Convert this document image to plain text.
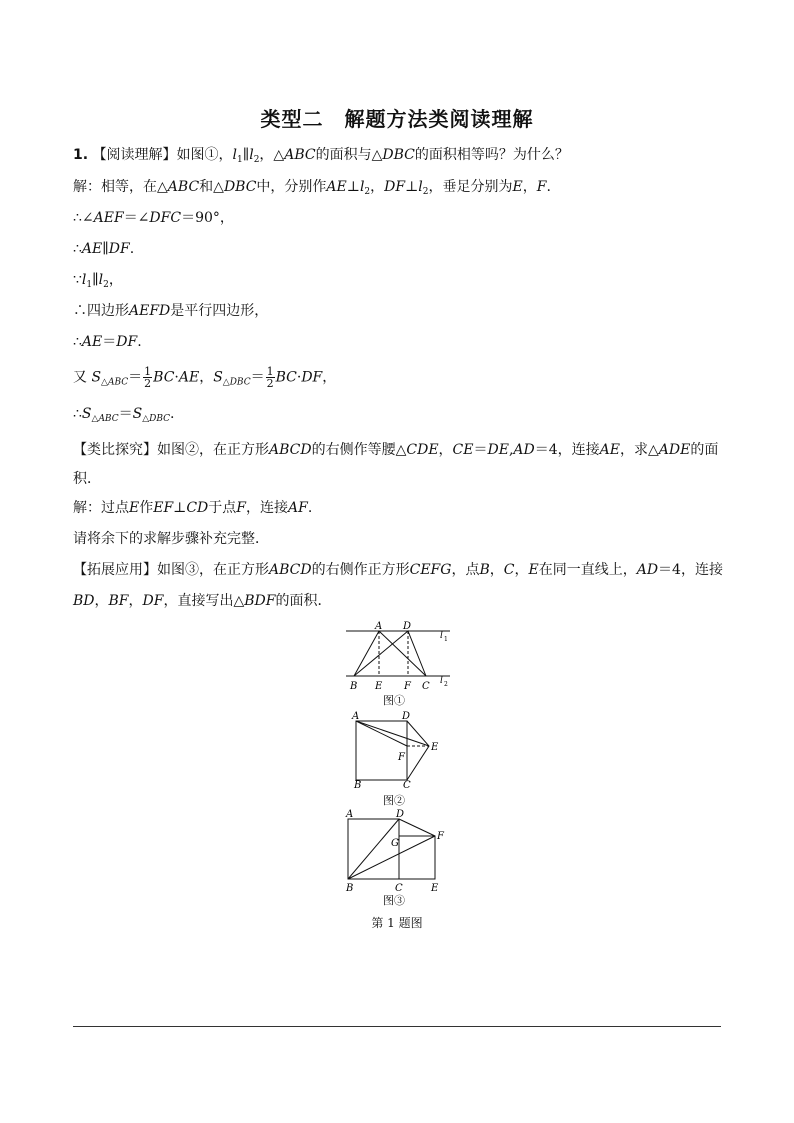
类型二　解题方法类阅读理解
1. 【阅读理解】如图①，$l_1\parallel l_2$，△ABC的面积与△DBC的面积相等吗？为什么？
解：相等，在△ABC和△DBC中，分别作$AE\perp l_2$，$DF\perp l_2$，垂足分别为E，F.
∴∠AEF＝∠DFC＝90°，
∴AE∥DF.
$\because l_1\parallel l_2$，
∴四边形AEFD是平行四边形，
∴AE＝DF.
又 $S_{\triangle ABC}= \frac{1}{2} BC\cdot AE$，$S_{\triangle DBC}= \frac{1}{2} BC\cdot DF$，
$\therefore S_{\triangle ABC}=S_{\triangle DBC}$.
【类比探究】如图②，在正方形ABCD的右侧作等腰△CDE，CE＝DE,AD＝4，连接AE，求△ADE的面积．
解：过点E作EF⊥CD于点F，连接AF.
请将余下的求解步骤补充完整．
【拓展应用】如图③，在正方形ABCD的右侧作正方形CEFG，点B，C，E在同一直线上，AD＝4，连接
BD，BF，DF，直接写出△BDF的面积．
A D
l 1
B E F C l 2
图①
A	D
E
F
B	C
图②
A	D
G
F
B	C	E
图③
第 1 题图
